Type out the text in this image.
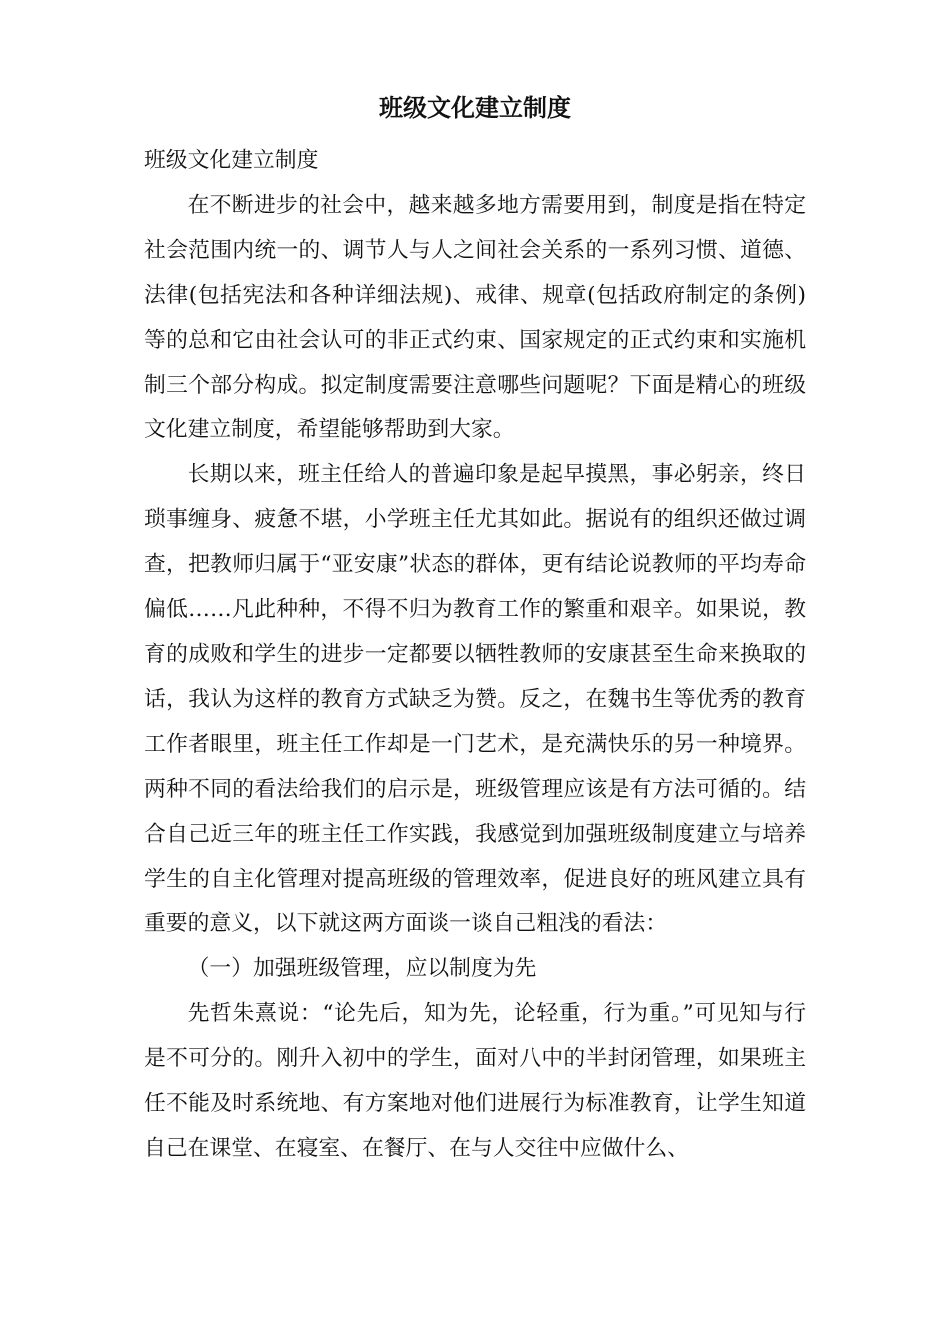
班级文化建立制度

班级文化建立制度

在不断进步的社会中，越来越多地方需要用到，制度是指在特定社会范围内统一的、调节人与人之间社会关系的一系列习惯、道德、法律(包括宪法和各种详细法规)、戒律、规章(包括政府制定的条例)等的总和它由社会认可的非正式约束、国家规定的正式约束和实施机制三个部分构成。拟定制度需要注意哪些问题呢？下面是精心的班级文化建立制度，希望能够帮助到大家。

长期以来，班主任给人的普遍印象是起早摸黑，事必躬亲，终日琐事缠身、疲惫不堪，小学班主任尤其如此。据说有的组织还做过调查，把教师归属于“亚安康”状态的群体，更有结论说教师的平均寿命偏低……凡此种种，不得不归为教育工作的繁重和艰辛。如果说，教育的成败和学生的进步一定都要以牺牲教师的安康甚至生命来换取的话，我认为这样的教育方式缺乏为赞。反之，在魏书生等优秀的教育工作者眼里，班主任工作却是一门艺术，是充满快乐的另一种境界。两种不同的看法给我们的启示是，班级管理应该是有方法可循的。结合自己近三年的班主任工作实践，我感觉到加强班级制度建立与培养学生的自主化管理对提高班级的管理效率，促进良好的班风建立具有重要的意义，以下就这两方面谈一谈自己粗浅的看法：

（一）加强班级管理，应以制度为先

先哲朱熹说：“论先后，知为先，论轻重，行为重。”可见知与行是不可分的。刚升入初中的学生，面对八中的半封闭管理，如果班主任不能及时系统地、有方案地对他们进展行为标准教育，让学生知道自己在课堂、在寝室、在餐厅、在与人交往中应做什么、
